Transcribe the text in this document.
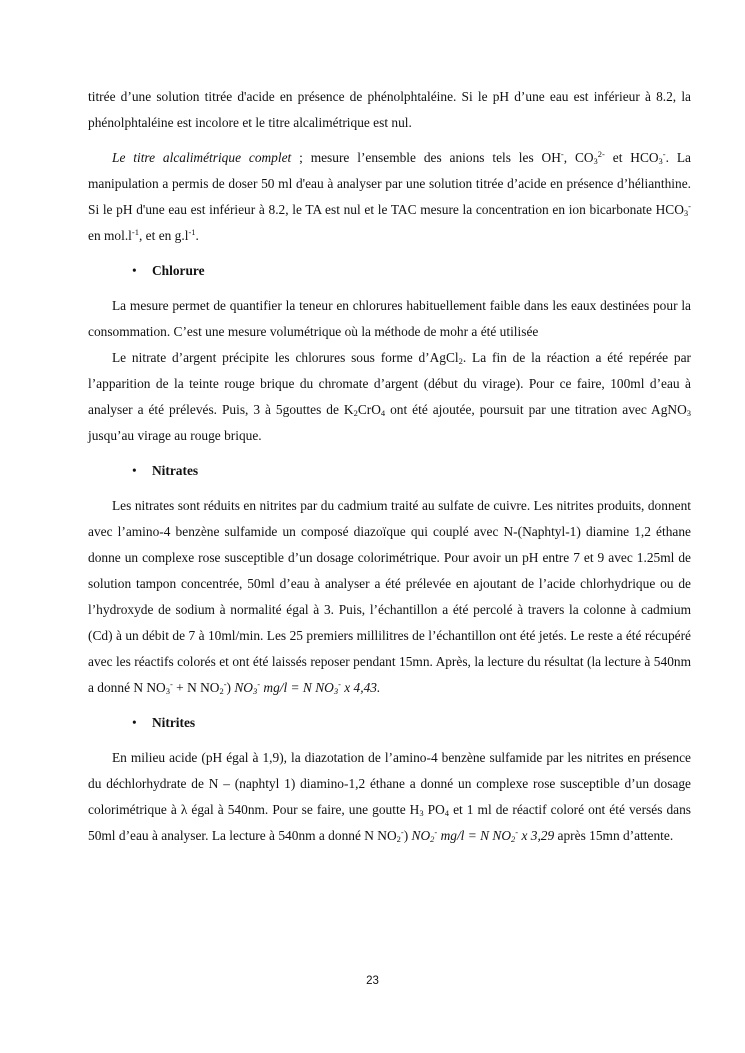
titrée d’une solution titrée d'acide en présence de phénolphtaléine. Si le pH d’une eau est inférieur à 8.2, la phénolphtaléine est incolore et le titre alcalimétrique est nul.

Le titre alcalimétrique complet ; mesure l’ensemble des anions tels les OH-, $CO_3^{2-}$ et $HCO_3^-$. La manipulation a permis de doser 50 ml d'eau à analyser par une solution titrée d’acide en présence d’hélianthine. Si le pH d'une eau est inférieur à 8.2, le TA est nul et le TAC mesure la concentration en ion bicarbonate $HCO_3^-$ en $mol.l^{-1}$, et en $g.l^{-1}$.

•	Chlorure

La mesure permet de quantifier la teneur en chlorures habituellement faible dans les eaux destinées pour la consommation. C’est une mesure volumétrique où la méthode de mohr a été utilisée

Le nitrate d’argent précipite les chlorures sous forme d’AgCl$_2$. La fin de la réaction a été repérée par l’apparition de la teinte rouge brique du chromate d’argent (début du virage). Pour ce faire, 100ml d’eau à analyser a été prélevés. Puis, 3 à 5gouttes de $K_2CrO_4$ ont été ajoutée, poursuit par une titration avec AgNO$_3$ jusqu’au virage au rouge brique.

•	Nitrates

Les nitrates sont réduits en nitrites par du cadmium traité au sulfate de cuivre. Les nitrites produits, donnent avec l’amino-4 benzène sulfamide un composé diazoïque qui couplé avec N-(Naphtyl-1) diamine 1,2 éthane donne un complexe rose susceptible d’un dosage colorimétrique. Pour avoir un pH entre 7 et 9 avec 1.25ml de solution tampon concentrée, 50ml d’eau à analyser a été prélevée en ajoutant de l’acide chlorhydrique ou de l’hydroxyde de sodium à normalité égal à 3. Puis, l’échantillon a été percolé à travers la colonne à cadmium (Cd) à un débit de 7 à 10ml/min. Les 25 premiers millilitres de l’échantillon ont été jetés. Le reste a été récupéré avec les réactifs colorés et ont été laissés reposer pendant 15mn. Après, la lecture du résultat (la lecture à 540nm a donné N $NO_3^- + N$ $NO_2^-$) $NO_3^-$ mg/l = N $NO_3^-$ x 4,43.

•	Nitrites

En milieu acide (pH égal à 1,9), la diazotation de l’amino-4 benzène sulfamide par les nitrites en présence du déchlorhydrate de N – (naphtyl 1) diamino-1,2 éthane a donné un complexe rose susceptible d’un dosage colorimétrique à λ égal à 540nm. Pour se faire, une goutte $H_3$ $PO_4$ et 1 ml de réactif coloré ont été versés dans 50ml d’eau à analyser. La lecture à 540nm a donné N $NO_2^-$) $NO_2^-$ mg/l = N $NO_2^-$ x 3,29 après 15mn d’attente.

23
